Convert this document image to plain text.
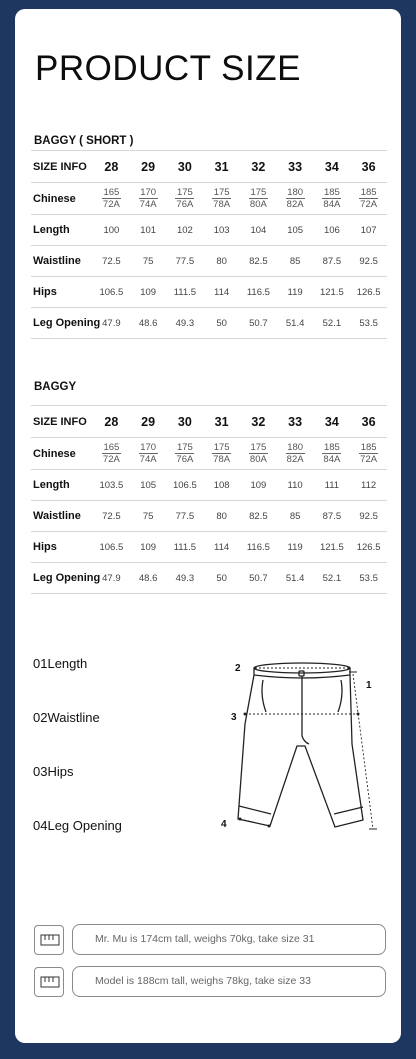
PRODUCT SIZE
BAGGY ( SHORT )
SIZE INFO	28	29	30	31	32	33	34	36
Chinese	$\frac{165}{72A}$	$\frac{170}{74A}$	$\frac{175}{76A}$	$\frac{175}{78A}$	$\frac{175}{80A}$	$\frac{180}{82A}$	$\frac{185}{84A}$	$\frac{185}{72A}$

Length	100	101	102	103	104	105	106	107
Waistline	72.5	75	77.5	80	82.5	85	87.5	92.5
Hips	106.5	109	111.5	114	116.5	119	121.5	126.5
Leg Opening	47.9	48.6	49.3	50	50.7	51.4	52.1	53.5
BAGGY
SIZE INFO	28	29	30	31	32	33	34	36
Chinese	$\frac{165}{72A}$	$\frac{170}{74A}$	$\frac{175}{76A}$	$\frac{175}{78A}$	$\frac{175}{80A}$	$\frac{180}{82A}$	$\frac{185}{84A}$	$\frac{185}{72A}$

Length	103.5	105	106.5	108	109	110	111	112
Waistline	72.5	75	77.5	80	82.5	85	87.5	92.5
Hips	106.5	109	111.5	114	116.5	119	121.5	126.5
Leg Opening	47.9	48.6	49.3	50	50.7	51.4	52.1	53.5
01Length
02Waistline
03Hips
04Leg Opening
2
3
1
4
Mr. Mu is 174cm tall, weighs 70kg, take size 31
Model is 188cm tall, weighs 78kg, take size 33
